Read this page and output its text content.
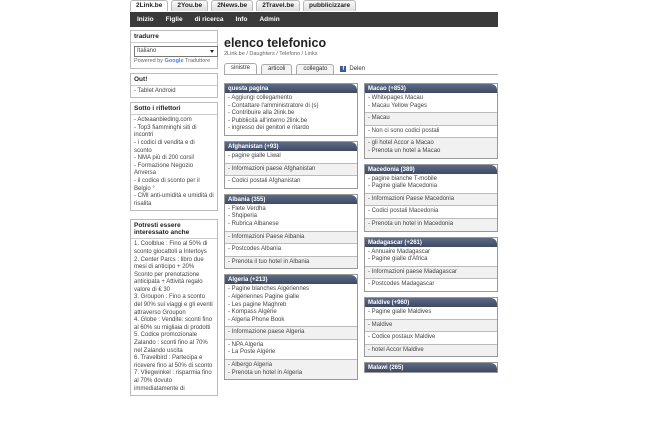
2Link.be	2You.be	2News.be	2Travel.be	pubblicizzare
Inizio Figlie di ricerca Info Admin
tradurre
Italiano
Powered by Google Traduttore
Out!
- Tablet Android
Sotto i riflettori
- Acteaanbieding.com
- Top3 fiamminghi siti di incontri
- i codici di vendita e di sconto
- NMA più di 200 corsi!
- Formazione Negozio Anversa
- il codice di sconto per il Belgio °
- CMI anti-umidità e umidità di risalita
Potresti essere interessato anche
1. Coolblue : Fino al 50% di sconto giocattoli a Intertoys
2. Center Parcs : libro due mesi di anticipo + 20% Sconto per prenotazione anticipata + Attività regalo valore di € 30
3. Groupon : Fino a sconto del 90% sui viaggi e gli eventi attraverso Groupon
4. Globe : Vendite: sconti fino al 60% su migliaia di prodotti
5. Codice promozionale Zalando : sconti fino al 70% nel Zalando uscita
6. Travelbird : Partecipa e ricevere fino al 50% di sconto
7. Vliegwinkel : risparmia fino al 70% dovuto immediatamente di
elenco telefonico
2Link.be / Daughters / Telefono / Links
sinistre	articoli	collegato	f Delen
questa pagina
- Aggiungi collegamento
- Contattare l'amministratore di (s)
- Contribuire alla 2link.be
- Pubblicità all'interno 2link.be
- ingresso dei genitori e ritardo
Afghanistan (+93)
- pagine gialle Liwal
- Informazioni paese Afghanistan
- Codici postali Afghanistan
Albania (355)
- Flete Verdha
- Shqiperia
- Rubrica Albanese
- Informazioni Paese Albania
- Postcodes Albania
- Prenota il tuo hotel in Albania
Algeria (+213)
- Pagine blanches Algériennes
- Algériennes Pagine gialle
- Les pagine Maghreb
- Kompass Algérie
- Algeria Phone Book
- Informazione paese Algeria
- NPA Algeria
- La Poste Algérie
- Albergo Algeria
- Prenota un hotel in Algeria
Macao (+853)
- Whitepages Macau
- Macau Yellow Pages
- Macau
- Non ci sono codici postali
- gli hotel Accor a Macao
- Prenota un hotel a Macao
Macedonia (389)
- pagine bianche T-mobile
- Pagine gialle Macedonia
- Informazioni Paese Macedonia
- Codici postali Macedonia
- Prenota un hotel in Macedonia
Madagascar (+261)
- Annuaire Madagascar
- Pagine gialle d'Africa
- Informazioni paese Madagascar
- Postcodes Madagascar
Maldive (+960)
- Pagine gialle Maldives
- Maldive
- Codice postaux Maldive
- hotel Accor Maldive
Malawi (265)
